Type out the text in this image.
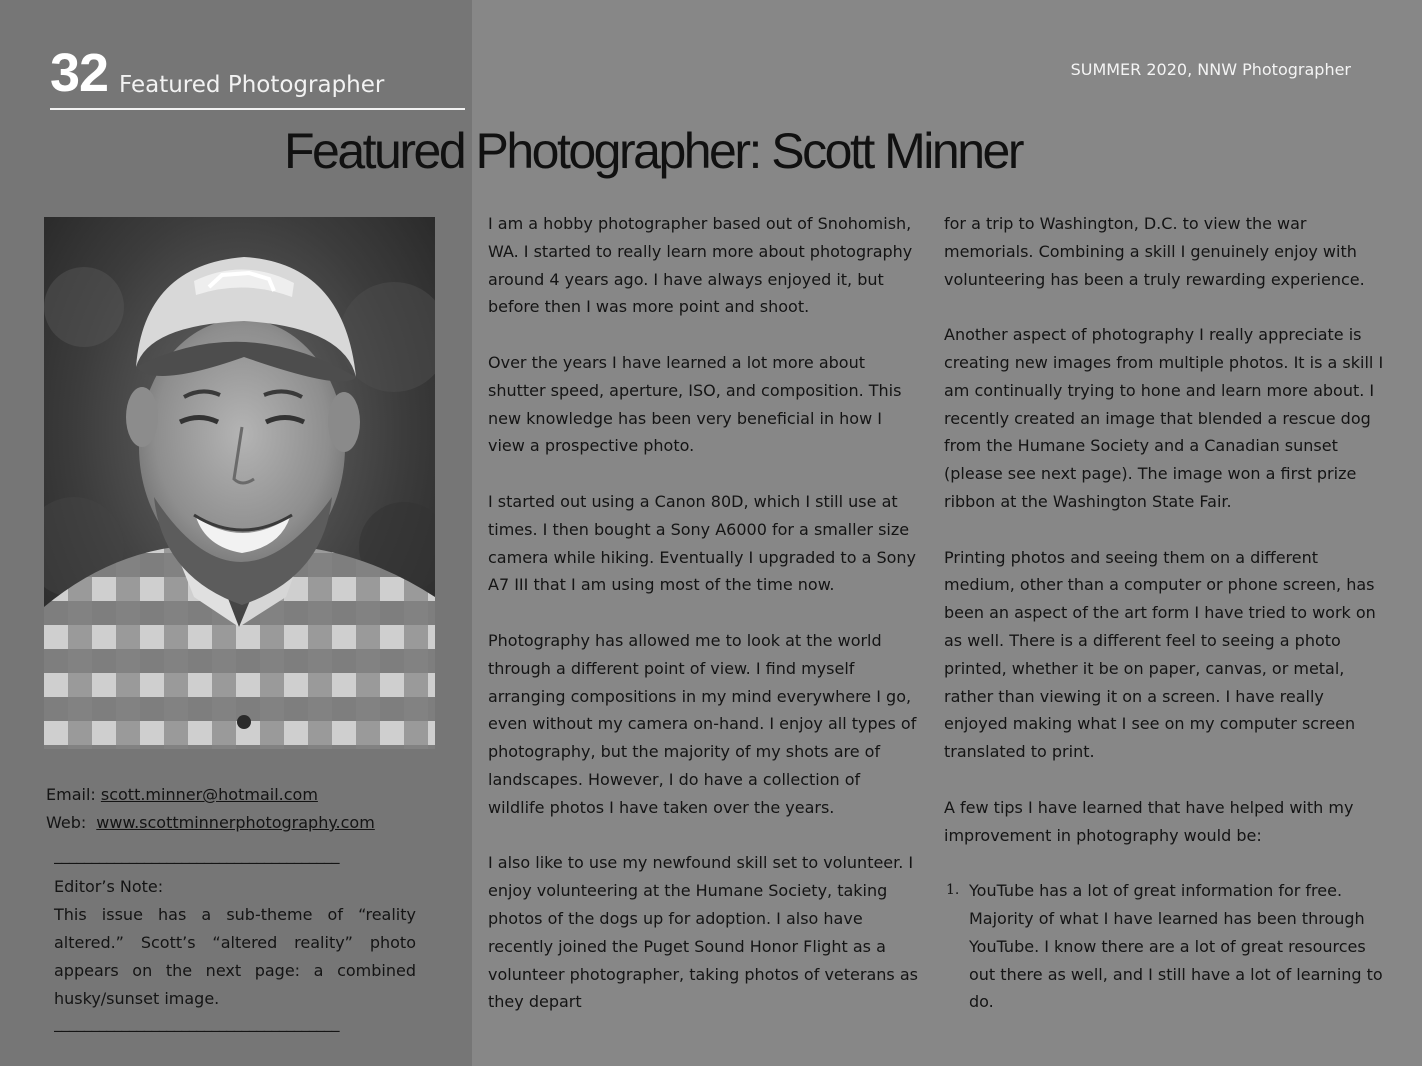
32 Featured Photographer
SUMMER 2020, NNW Photographer
Featured Photographer: Scott Minner
Email: scott.minner@hotmail.com
Web: www.scottminnerphotography.com
______________________________________
Editor’s Note:
This issue has a sub-theme of “reality altered.” Scott’s “altered reality” photo appears on the next page: a combined husky/sunset image.
______________________________________

I am a hobby photographer based out of Snohomish, WA. I started to really learn more about photography around 4 years ago. I have always enjoyed it, but before then I was more point and shoot.

Over the years I have learned a lot more about shutter speed, aperture, ISO, and composition. This new knowledge has been very beneficial in how I view a prospective photo.

I started out using a Canon 80D, which I still use at times. I then bought a Sony A6000 for a smaller size camera while hiking. Eventually I upgraded to a Sony A7 III that I am using most of the time now.

Photography has allowed me to look at the world through a different point of view. I find myself arranging compositions in my mind everywhere I go, even without my camera on-hand. I enjoy all types of photography, but the majority of my shots are of landscapes. However, I do have a collection of wildlife photos I have taken over the years.

I also like to use my newfound skill set to volunteer. I enjoy volunteering at the Humane Society, taking photos of the dogs up for adoption. I also have recently joined the Puget Sound Honor Flight as a volunteer photographer, taking photos of veterans as they depart

for a trip to Washington, D.C. to view the war memorials. Combining a skill I genuinely enjoy with volunteering has been a truly rewarding experience.

Another aspect of photography I really appreciate is creating new images from multiple photos. It is a skill I am continually trying to hone and learn more about. I recently created an image that blended a rescue dog from the Humane Society and a Canadian sunset (please see next page). The image won a first prize ribbon at the Washington State Fair.

Printing photos and seeing them on a different medium, other than a computer or phone screen, has been an aspect of the art form I have tried to work on as well. There is a different feel to seeing a photo printed, whether it be on paper, canvas, or metal, rather than viewing it on a screen. I have really enjoyed making what I see on my computer screen translated to print.

A few tips I have learned that have helped with my improvement in photography would be:

1. YouTube has a lot of great information for free. Majority of what I have learned has been through YouTube. I know there are a lot of great resources out there as well, and I still have a lot of learning to do.
